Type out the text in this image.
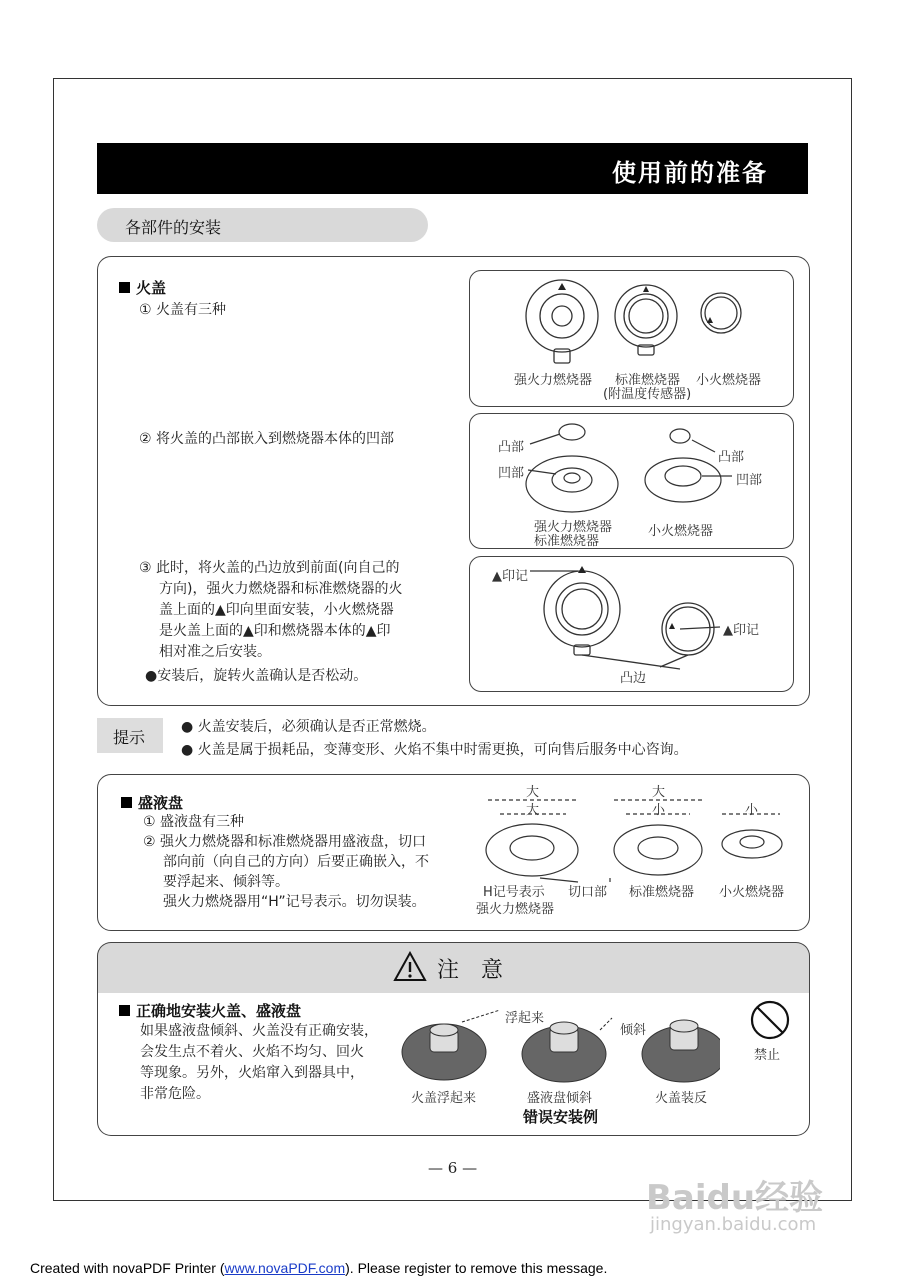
使用前的准备
各部件的安装
火盖
① 火盖有三种
② 将火盖的凸部嵌入到燃烧器本体的凹部
③ 此时，将火盖的凸边放到前面(向自己的
方向)，强火力燃烧器和标准燃烧器的火
盖上面的▲印向里面安装，小火燃烧器
是火盖上面的▲印和燃烧器本体的▲印
相对准之后安装。
●安装后，旋转火盖确认是否松动。
强火力燃烧器 标准燃烧器
(附温度传感器)
小火燃烧器
凸部
凹部
凸部
凹部
强火力燃烧器
标准燃烧器
小火燃烧器
▲印记
▲印记
凸边
提示
● 火盖安装后，必须确认是否正常燃烧。
● 火盖是属于损耗品，变薄变形、火焰不集中时需更换，可向售后服务中心咨询。
盛液盘
① 盛液盘有三种
② 强火力燃烧器和标准燃烧器用盛液盘，切口
部向前（向自己的方向）后要正确嵌入，不
要浮起来、倾斜等。
强火力燃烧器用“H”记号表示。切勿误装。
大
大
大
小	小
H记号表示
强火力燃烧器
切口部 标准燃烧器 小火燃烧器
注　意
正确地安装火盖、盛液盘
如果盛液盘倾斜、火盖没有正确安装，
会发生点不着火、火焰不均匀、回火
等现象。另外，火焰窜入到器具中，
非常危险。
浮起来
倾斜
火盖浮起来	盛液盘倾斜	火盖装反
错误安装例
禁止
— 6 —
Baidu经验
jingyan.baidu.com
Created with novaPDF Printer (www.novaPDF.com). Please register to remove this message.
